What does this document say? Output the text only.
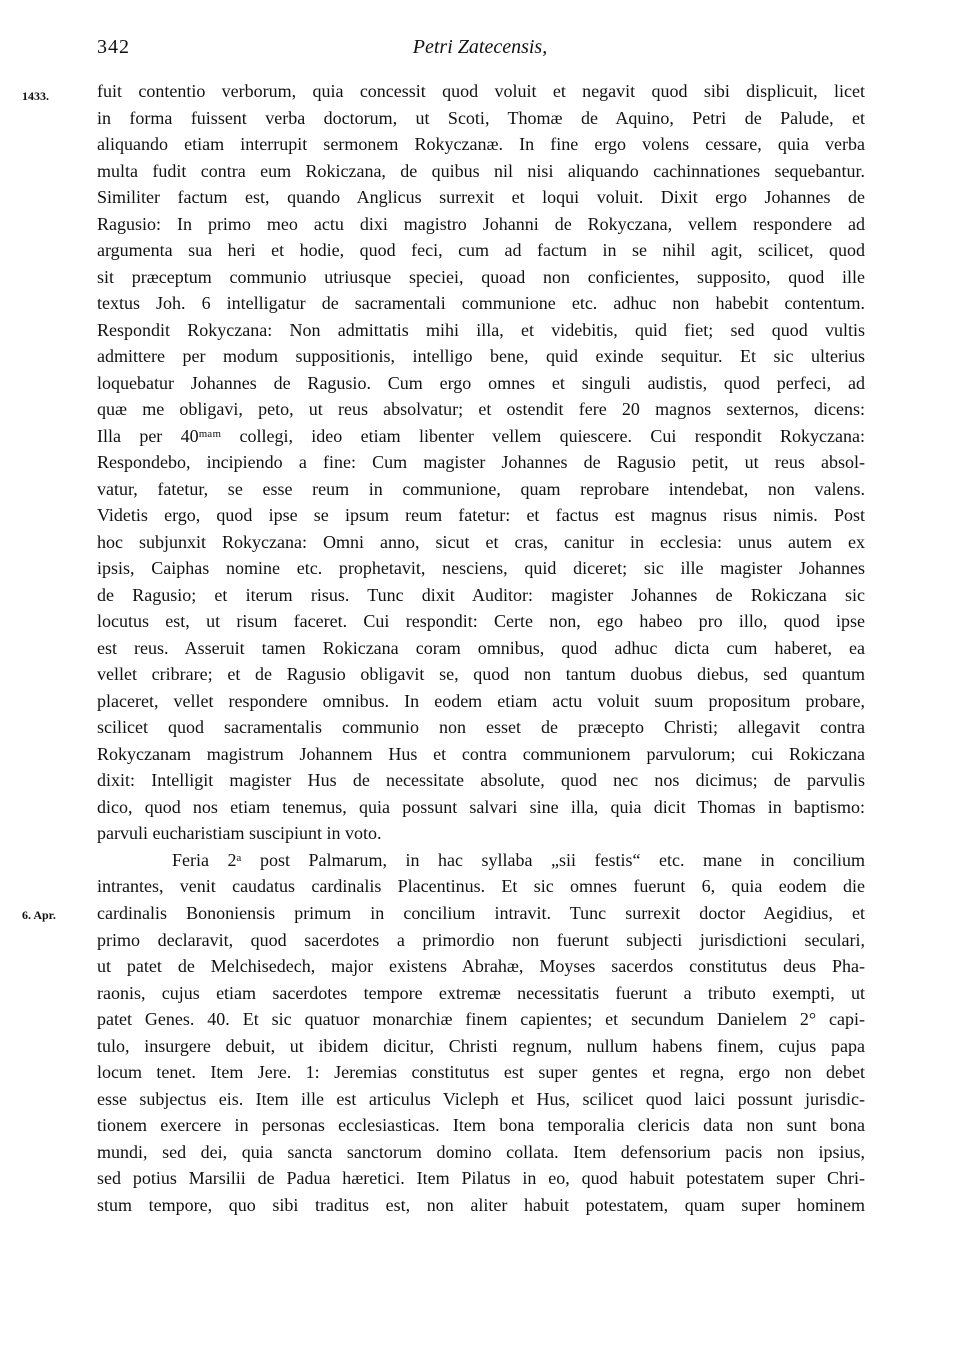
342	Petri Zatecensis,
1433.
6. Apr.
fuit contentio verborum, quia concessit quod voluit et negavit quod sibi displicuit, licet
in forma fuissent verba doctorum, ut Scoti, Thomæ de Aquino, Petri de Palude, et
aliquando etiam interrupit sermonem Rokyczanæ. In fine ergo volens cessare, quia verba
multa fudit contra eum Rokiczana, de quibus nil nisi aliquando cachinnationes sequebantur.
Similiter factum est, quando Anglicus surrexit et loqui voluit. Dixit ergo Johannes de
Ragusio: In primo meo actu dixi magistro Johanni de Rokyczana, vellem respondere ad
argumenta sua heri et hodie, quod feci, cum ad factum in se nihil agit, scilicet, quod
sit præceptum communio utriusque speciei, quoad non conficientes, supposito, quod ille
textus Joh. 6 intelligatur de sacramentali communione etc. adhuc non habebit contentum.
Respondit Rokyczana: Non admittatis mihi illa, et videbitis, quid fiet; sed quod vultis
admittere per modum suppositionis, intelligo bene, quid exinde sequitur. Et sic ulterius
loquebatur Johannes de Ragusio. Cum ergo omnes et singuli audistis, quod perfeci, ad
quæ me obligavi, peto, ut reus absolvatur; et ostendit fere 20 magnos sexternos, dicens:
Illa per 40ᵐᵃᵐ collegi, ideo etiam libenter vellem quiescere. Cui respondit Rokyczana:
Respondebo, incipiendo a fine: Cum magister Johannes de Ragusio petit, ut reus absol-
vatur, fatetur, se esse reum in communione, quam reprobare intendebat, non valens.
Videtis ergo, quod ipse se ipsum reum fatetur: et factus est magnus risus nimis. Post
hoc subjunxit Rokyczana: Omni anno, sicut et cras, canitur in ecclesia: unus autem ex
ipsis, Caiphas nomine etc. prophetavit, nesciens, quid diceret; sic ille magister Johannes
de Ragusio; et iterum risus. Tunc dixit Auditor: magister Johannes de Rokiczana sic
locutus est, ut risum faceret. Cui respondit: Certe non, ego habeo pro illo, quod ipse
est reus. Asseruit tamen Rokiczana coram omnibus, quod adhuc dicta cum haberet, ea
vellet cribrare; et de Ragusio obligavit se, quod non tantum duobus diebus, sed quantum
placeret, vellet respondere omnibus. In eodem etiam actu voluit suum propositum probare,
scilicet quod sacramentalis communio non esset de præcepto Christi; allegavit contra
Rokyczanam magistrum Johannem Hus et contra communionem parvulorum; cui Rokiczana
dixit: Intelligit magister Hus de necessitate absolute, quod nec nos dicimus; de parvulis
dico, quod nos etiam tenemus, quia possunt salvari sine illa, quia dicit Thomas in baptismo:
parvuli eucharistiam suscipiunt in voto.
Feria 2ᵃ post Palmarum, in hac syllaba „sii festis“ etc. mane in concilium
intrantes, venit caudatus cardinalis Placentinus. Et sic omnes fuerunt 6, quia eodem die
cardinalis Bononiensis primum in concilium intravit. Tunc surrexit doctor Aegidius, et
primo declaravit, quod sacerdotes a primordio non fuerunt subjecti jurisdictioni seculari,
ut patet de Melchisedech, major existens Abrahæ, Moyses sacerdos constitutus deus Pha-
raonis, cujus etiam sacerdotes tempore extremæ necessitatis fuerunt a tributo exempti, ut
patet Genes. 40. Et sic quatuor monarchiæ finem capientes; et secundum Danielem 2° capi-
tulo, insurgere debuit, ut ibidem dicitur, Christi regnum, nullum habens finem, cujus papa
locum tenet. Item Jere. 1: Jeremias constitutus est super gentes et regna, ergo non debet
esse subjectus eis. Item ille est articulus Vicleph et Hus, scilicet quod laici possunt jurisdic-
tionem exercere in personas ecclesiasticas. Item bona temporalia clericis data non sunt bona
mundi, sed dei, quia sancta sanctorum domino collata. Item defensorium pacis non ipsius,
sed potius Marsilii de Padua hæretici. Item Pilatus in eo, quod habuit potestatem super Chri-
stum tempore, quo sibi traditus est, non aliter habuit potestatem, quam super hominem
